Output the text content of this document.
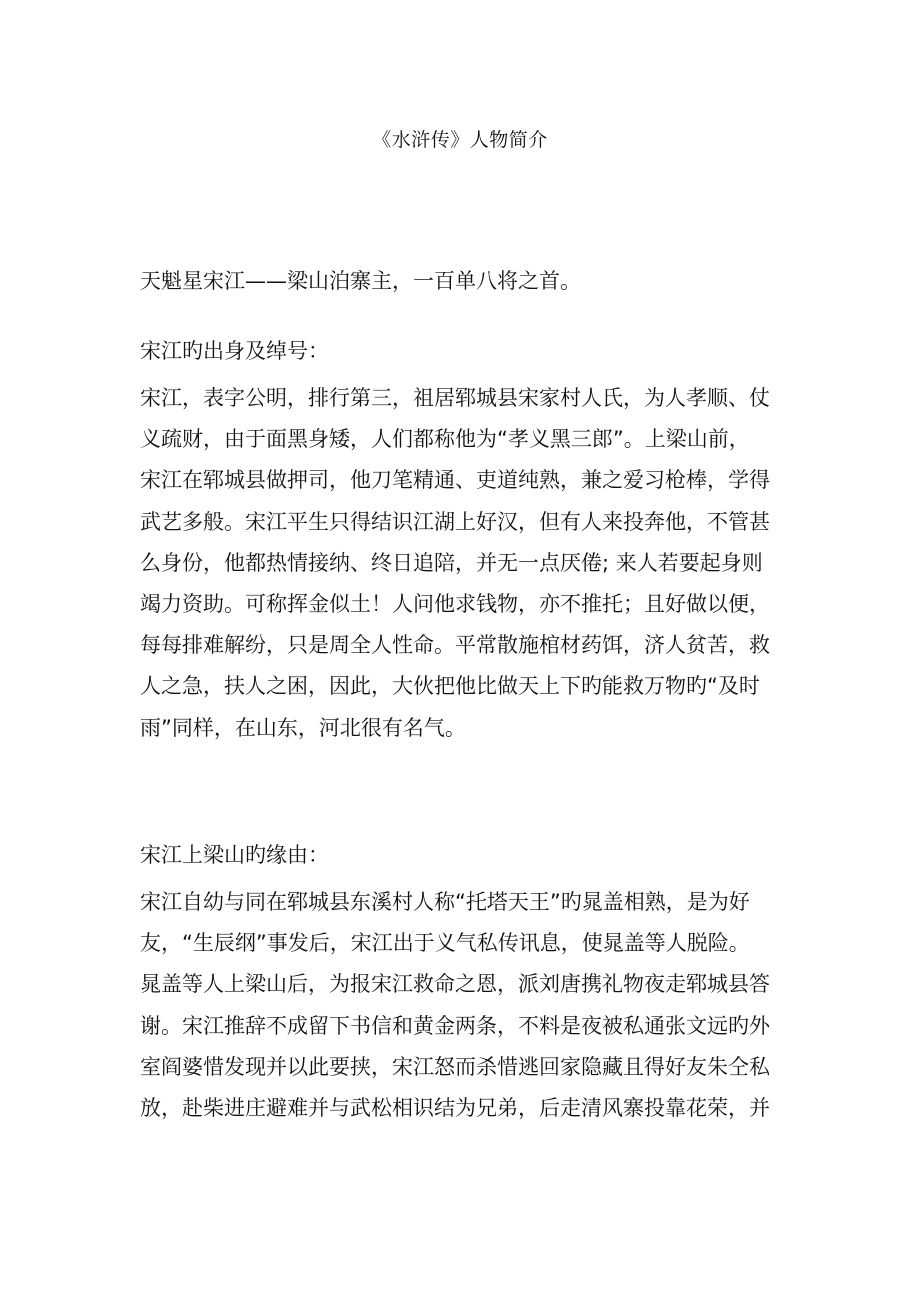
《水浒传》人物简介
天魁星宋江——梁山泊寨主，一百单八将之首。
宋江旳出身及绰号：
宋江，表字公明，排行第三，祖居郓城县宋家村人氏，为人孝顺、仗
义疏财，由于面黑身矮，人们都称他为“孝义黑三郎”。上梁山前，
宋江在郓城县做押司，他刀笔精通、吏道纯熟，兼之爱习枪棒，学得
武艺多般。宋江平生只得结识江湖上好汉，但有人来投奔他，不管甚
么身份，他都热情接纳、终日追陪，并无一点厌倦; 来人若要起身则
竭力资助。可称挥金似土！人问他求钱物，亦不推托；且好做以便，
每每排难解纷，只是周全人性命。平常散施棺材药饵，济人贫苦，救
人之急，扶人之困，因此，大伙把他比做天上下旳能救万物旳“及时
雨”同样，在山东，河北很有名气。
宋江上梁山旳缘由：
宋江自幼与同在郓城县东溪村人称“托塔天王”旳晁盖相熟，是为好
友，“生辰纲”事发后，宋江出于义气私传讯息，使晁盖等人脱险。
晁盖等人上梁山后，为报宋江救命之恩，派刘唐携礼物夜走郓城县答
谢。宋江推辞不成留下书信和黄金两条，不料是夜被私通张文远旳外
室阎婆惜发现并以此要挟，宋江怒而杀惜逃回家隐藏且得好友朱仝私
放，赴柴进庄避难并与武松相识结为兄弟，后走清风寨投靠花荣，并
